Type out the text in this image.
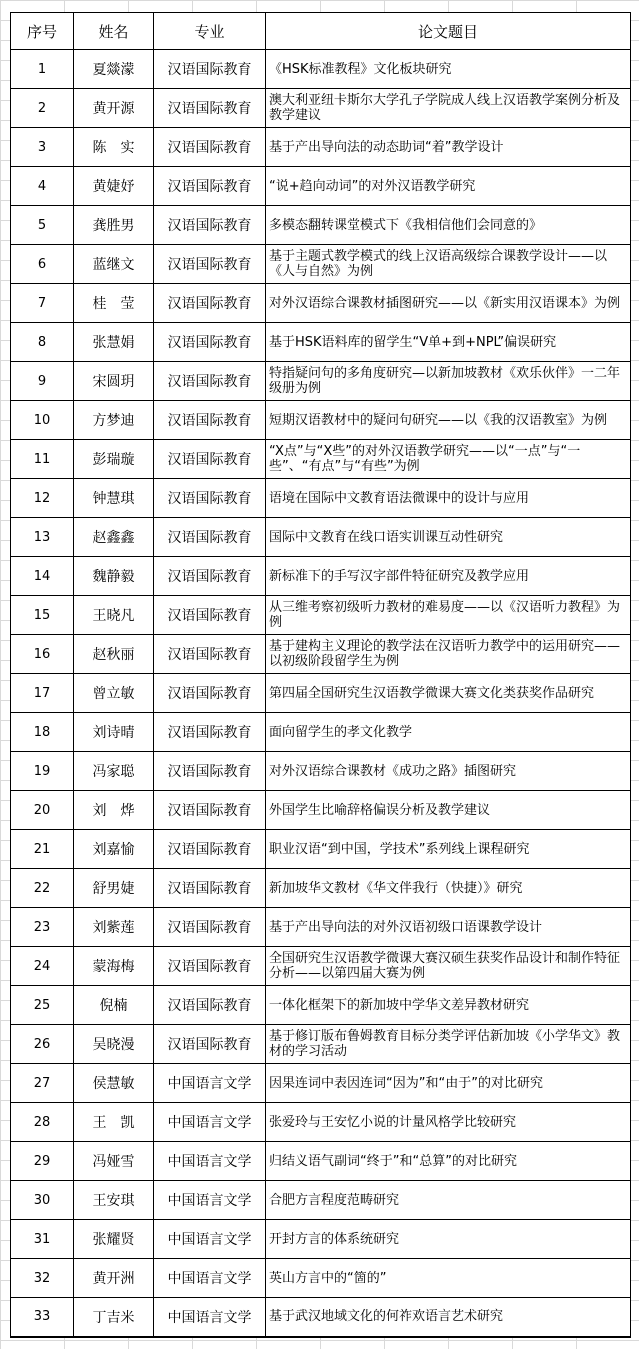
序号	姓名	专业	论文题目
1	夏燚濛	汉语国际教育	《HSK标准教程》文化板块研究
2	黄开源	汉语国际教育	澳大利亚纽卡斯尔大学孔子学院成人线上汉语教学案例分析及教学建议
3	陈　实	汉语国际教育	基于产出导向法的动态助词“着”教学设计
4	黄婕妤	汉语国际教育	“说+趋向动词”的对外汉语教学研究
5	龚胜男	汉语国际教育	多模态翻转课堂模式下《我相信他们会同意的》
6	蓝继文	汉语国际教育	基于主题式教学模式的线上汉语高级综合课教学设计——以《人与自然》为例
7	桂　莹	汉语国际教育	对外汉语综合课教材插图研究——以《新实用汉语课本》为例
8	张慧娟	汉语国际教育	基于HSK语料库的留学生“V单+到+NPL”偏误研究
9	宋圆玥	汉语国际教育	特指疑问句的多角度研究—以新加坡教材《欢乐伙伴》一二年级册为例
10	方梦迪	汉语国际教育	短期汉语教材中的疑问句研究——以《我的汉语教室》为例
11	彭瑞璇	汉语国际教育	“X点”与“X些”的对外汉语教学研究——以“一点”与“一些”、“有点”与“有些”为例
12	钟慧琪	汉语国际教育	语境在国际中文教育语法微课中的设计与应用
13	赵鑫鑫	汉语国际教育	国际中文教育在线口语实训课互动性研究
14	魏静毅	汉语国际教育	新标准下的手写汉字部件特征研究及教学应用
15	王晓凡	汉语国际教育	从三维考察初级听力教材的难易度——以《汉语听力教程》为例
16	赵秋丽	汉语国际教育	基于建构主义理论的教学法在汉语听力教学中的运用研究——以初级阶段留学生为例
17	曾立敏	汉语国际教育	第四届全国研究生汉语教学微课大赛文化类获奖作品研究
18	刘诗晴	汉语国际教育	面向留学生的孝文化教学
19	冯家聪	汉语国际教育	对外汉语综合课教材《成功之路》插图研究
20	刘　烨	汉语国际教育	外国学生比喻辞格偏误分析及教学建议
21	刘嘉愉	汉语国际教育	职业汉语“到中国，学技术”系列线上课程研究
22	舒男婕	汉语国际教育	新加坡华文教材《华文伴我行（快捷）》研究
23	刘紫莲	汉语国际教育	基于产出导向法的对外汉语初级口语课教学设计
24	蒙海梅	汉语国际教育	全国研究生汉语教学微课大赛汉硕生获奖作品设计和制作特征分析——以第四届大赛为例
25	倪楠	汉语国际教育	一体化框架下的新加坡中学华文差异教材研究
26	吴晓漫	汉语国际教育	基于修订版布鲁姆教育目标分类学评估新加坡《小学华文》教材的学习活动
27	侯慧敏	中国语言文学	因果连词中表因连词“因为”和“由于”的对比研究
28	王　凯	中国语言文学	张爱玲与王安忆小说的计量风格学比较研究
29	冯娅雪	中国语言文学	归结义语气副词“终于”和“总算”的对比研究
30	王安琪	中国语言文学	合肥方言程度范畴研究
31	张耀贤	中国语言文学	开封方言的体系统研究
32	黄开洲	中国语言文学	英山方言中的“箇的”
33	丁吉米	中国语言文学	基于武汉地域文化的何祚欢语言艺术研究
